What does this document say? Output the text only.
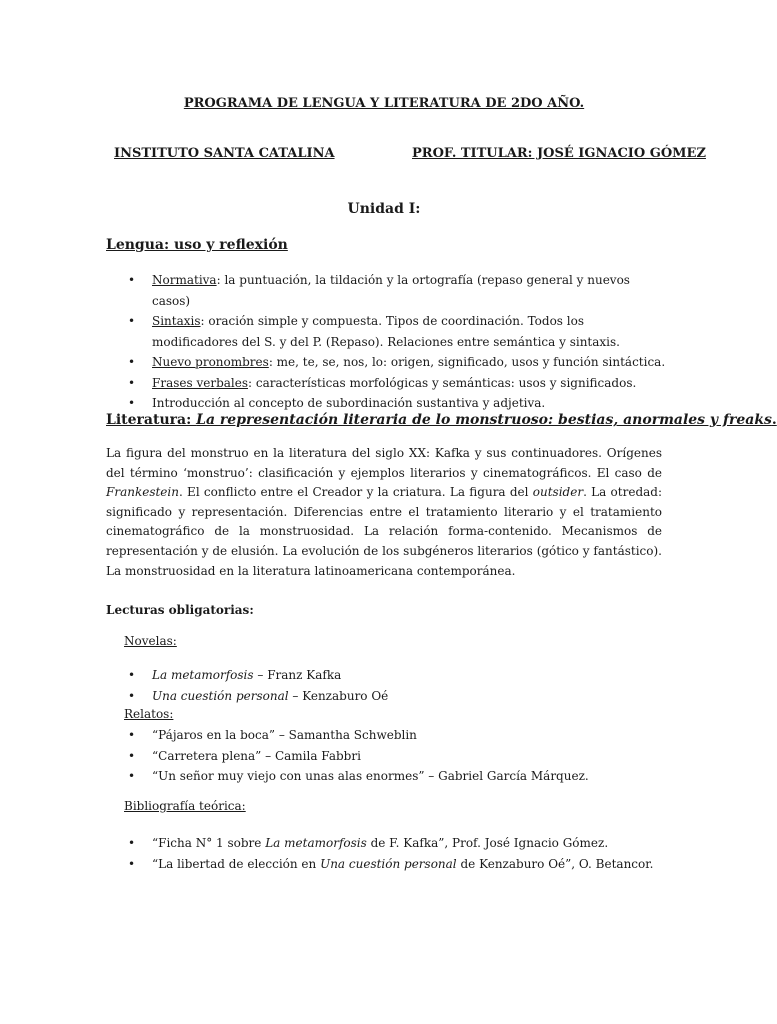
PROGRAMA DE LENGUA Y LITERATURA DE 2DO AÑO.
INSTITUTO SANTA CATALINA	PROF. TITULAR: JOSÉ IGNACIO GÓMEZ
Unidad I:
Lengua: uso y reflexión
• Normativa: la puntuación, la tildación y la ortografía (repaso general y nuevos casos)
• Sintaxis: oración simple y compuesta. Tipos de coordinación. Todos los modificadores del S. y del P. (Repaso). Relaciones entre semántica y sintaxis.
• Nuevo pronombres: me, te, se, nos, lo: origen, significado, usos y función sintáctica.
• Frases verbales: características morfológicas y semánticas: usos y significados.
• Introducción al concepto de subordinación sustantiva y adjetiva.
Literatura: La representación literaria de lo monstruoso: bestias, anormales y freaks.

La figura del monstruo en la literatura del siglo XX: Kafka y sus continuadores. Orígenes del término ‘monstruo’: clasificación y ejemplos literarios y cinematográficos. El caso de Frankestein. El conflicto entre el Creador y la criatura. La figura del outsider. La otredad: significado y representación. Diferencias entre el tratamiento literario y el tratamiento cinematográfico de la monstruosidad. La relación forma-contenido. Mecanismos de representación y de elusión. La evolución de los subgéneros literarios (gótico y fantástico). La monstruosidad en la literatura latinoamericana contemporánea.

Lecturas obligatorias:
Novelas:
• La metamorfosis – Franz Kafka
• Una cuestión personal – Kenzaburo Oé
Relatos:
• “Pájaros en la boca” – Samantha Schweblin
• “Carretera plena” – Camila Fabbri
• “Un señor muy viejo con unas alas enormes” – Gabriel García Márquez.
Bibliografía teórica:
• “Ficha N° 1 sobre La metamorfosis de F. Kafka”, Prof. José Ignacio Gómez.
• “La libertad de elección en Una cuestión personal de Kenzaburo Oé”, O. Betancor.
